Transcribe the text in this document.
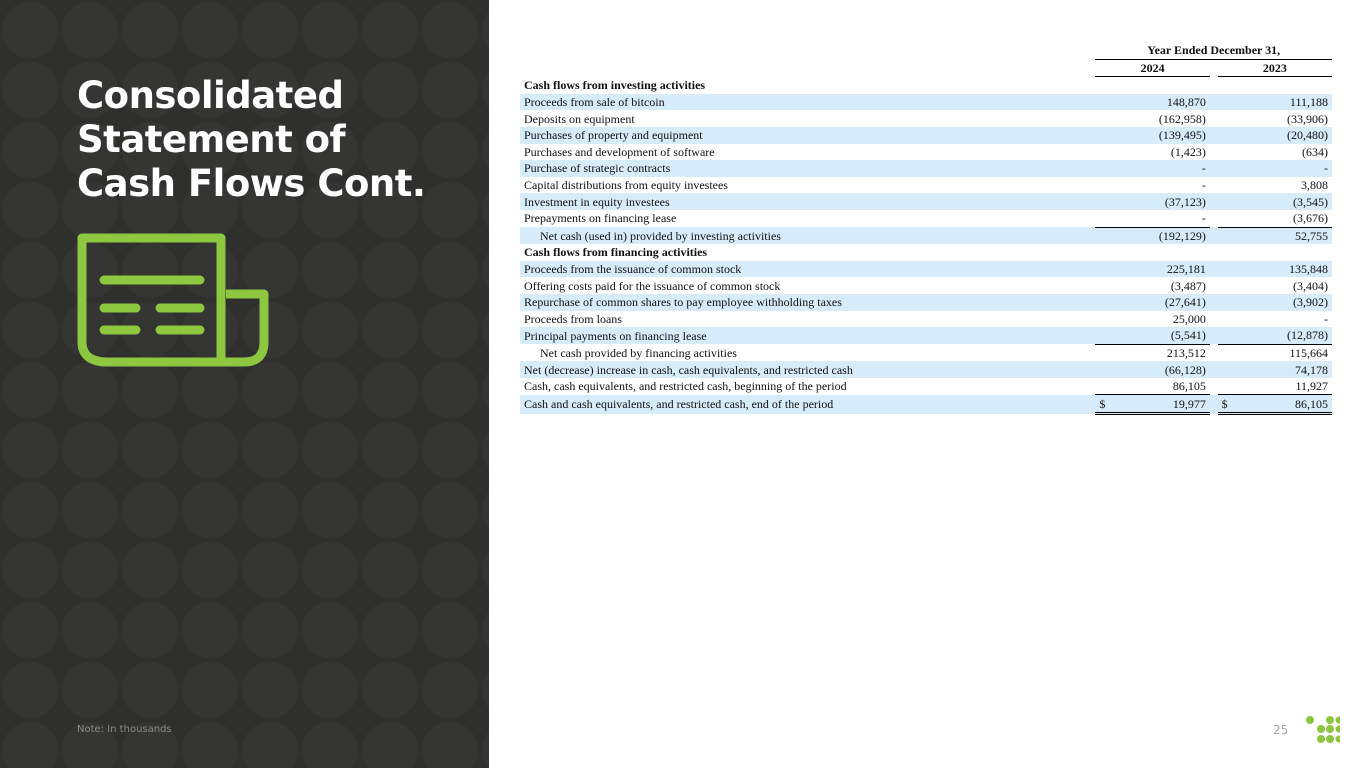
Consolidated
Statement of
Cash Flows Cont.
Note: In thousands
	Year Ended December 31,		
	2024		2023
Cash flows from investing activities			
Proceeds from sale of bitcoin	148,870		111,188
Deposits on equipment	(162,958)		(33,906)
Purchases of property and equipment	(139,495)		(20,480)
Purchases and development of software	(1,423)		(634)
Purchase of strategic contracts	-		-
Capital distributions from equity investees	-		3,808
Investment in equity investees	(37,123)		(3,545)
Prepayments on financing lease	-		(3,676)
Net cash (used in) provided by investing activities	(192,129)		52,755
Cash flows from financing activities			
Proceeds from the issuance of common stock	225,181		135,848
Offering costs paid for the issuance of common stock	(3,487)		(3,404)
Repurchase of common shares to pay employee withholding taxes	(27,641)		(3,902)
Proceeds from loans	25,000		-
Principal payments on financing lease	(5,541)		(12,878)
Net cash provided by financing activities	213,512		115,664
Net (decrease) increase in cash, cash equivalents, and restricted cash	(66,128)		74,178
Cash, cash equivalents, and restricted cash, beginning of the period	86,105		11,927
Cash and cash equivalents, and restricted cash, end of the period	$ 19,977		$ 86,105
25
